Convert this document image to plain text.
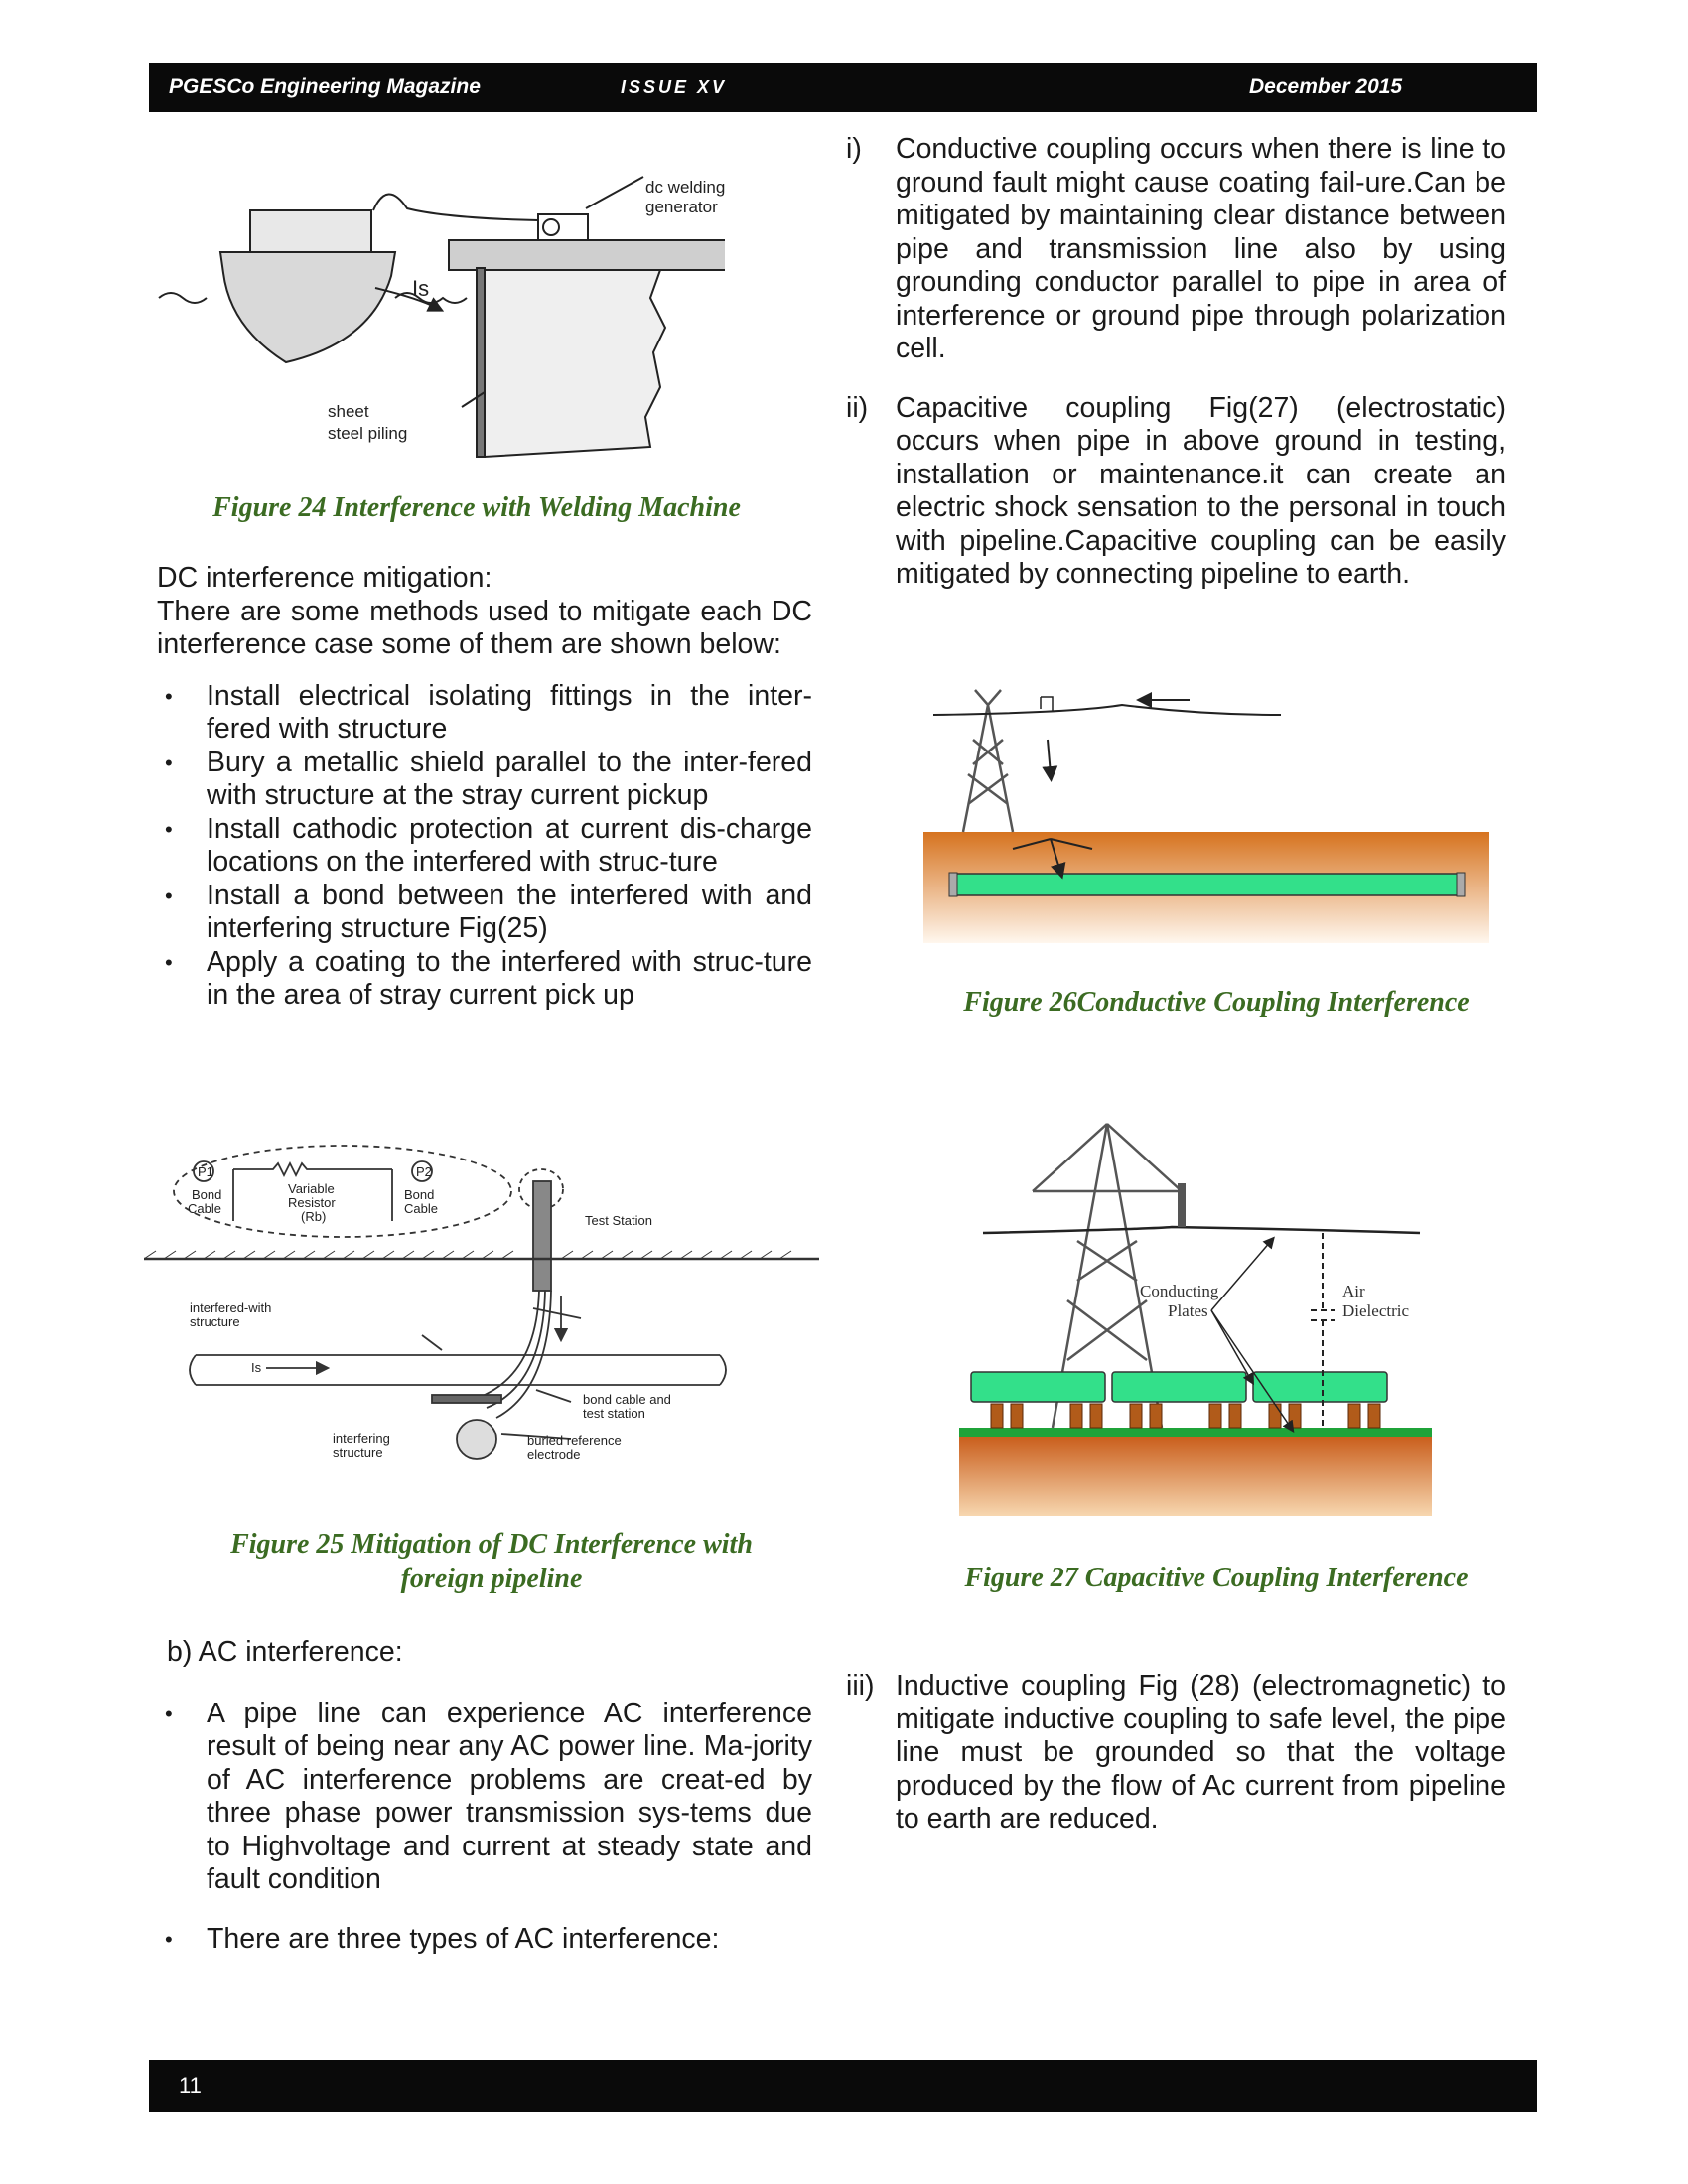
PGESCo Engineering Magazine	ISSUE XV	December 2015
dc welding
generator
Is
sheet
steel piling
Figure 24 Interference with Welding Machine

DC interference mitigation:

There are some methods used to mitigate each DC interference case some of them are shown below:

• Install electrical isolating fittings in the inter-fered with structure
• Bury a metallic shield parallel to the inter-fered with structure at the stray current pickup
• Install cathodic protection at current dis-charge locations on the interfered with struc-ture
• Install a bond between the interfered with and interfering structure Fig(25)
• Apply a coating to the interfered with struc-ture in the area of stray current pick up
P1	P2
Bond
Cable
Variable
Resistor
(Rb)
Bond
Cable
Test Station
interfered-with
structure
Is
bond cable and
test station
interfering
structure
buried reference
electrode
Figure 25 Mitigation of DC Interference with
foreign pipeline

b) AC interference:

• A pipe line can experience AC interference result of being near any AC power line. Ma-jority of AC interference problems are creat-ed by three phase power transmission sys-tems due to Highvoltage and current at steady state and fault condition
• There are three types of AC interference:
i) Conductive coupling occurs when there is line to ground fault might cause coating fail-ure.Can be mitigated by maintaining clear distance between pipe and transmission line also by using grounding conductor parallel to pipe in area of interference or ground pipe through polarization cell.
ii) Capacitive coupling Fig(27) (electrostatic) occurs when pipe in above ground in testing, installation or maintenance.it can create an electric shock sensation to the personal in touch with pipeline.Capacitive coupling can be easily mitigated by connecting pipeline to earth.
Figure 26Conductive Coupling Interference
Conducting
Plates
Air
Dielectric
Figure 27 Capacitive Coupling Interference
iii) Inductive coupling Fig (28) (electromagnetic) to mitigate inductive coupling to safe level, the pipe line must be grounded so that the voltage produced by the flow of Ac current from pipeline to earth are reduced.
11
